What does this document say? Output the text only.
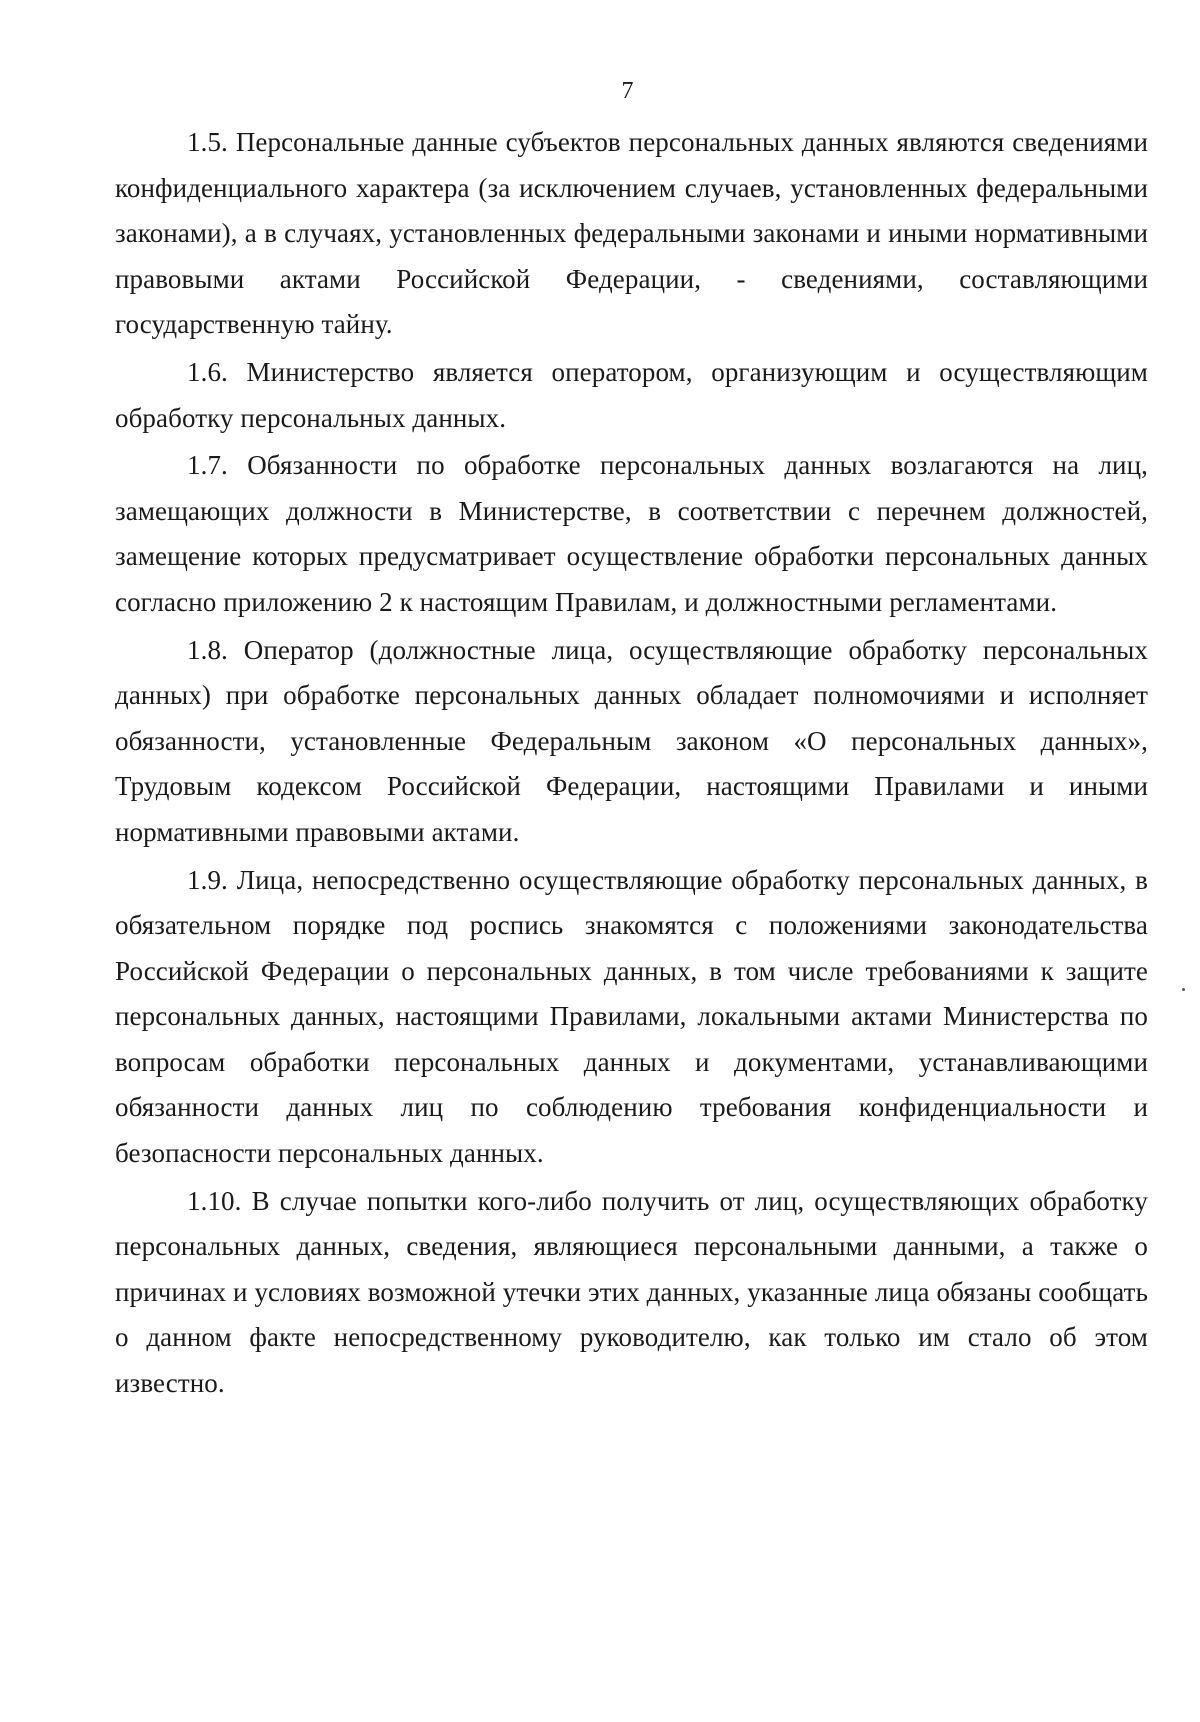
7

1.5. Персональные данные субъектов персональных данных являются сведениями конфиденциального характера (за исключением случаев, установленных федеральными законами), а в случаях, установленных федеральными законами и иными нормативными правовыми актами Российской Федерации, - сведениями, составляющими государственную тайну.

1.6. Министерство является оператором, организующим и осуществляющим обработку персональных данных.

1.7. Обязанности по обработке персональных данных возлагаются на лиц, замещающих должности в Министерстве, в соответствии с перечнем должностей, замещение которых предусматривает осуществление обработки персональных данных согласно приложению 2 к настоящим Правилам, и должностными регламентами.

1.8. Оператор (должностные лица, осуществляющие обработку персональных данных) при обработке персональных данных обладает полномочиями и исполняет обязанности, установленные Федеральным законом «О персональных данных», Трудовым кодексом Российской Федерации, настоящими Правилами и иными нормативными правовыми актами.

1.9. Лица, непосредственно осуществляющие обработку персональных данных, в обязательном порядке под роспись знакомятся с положениями законодательства Российской Федерации о персональных данных, в том числе требованиями к защите персональных данных, настоящими Правилами, локальными актами Министерства по вопросам обработки персональных данных и документами, устанавливающими обязанности данных лиц по соблюдению требования конфиденциальности и безопасности персональных данных.

1.10. В случае попытки кого-либо получить от лиц, осуществляющих обработку персональных данных, сведения, являющиеся персональными данными, а также о причинах и условиях возможной утечки этих данных, указанные лица обязаны сообщать о данном факте непосредственному руководителю, как только им стало об этом известно.
